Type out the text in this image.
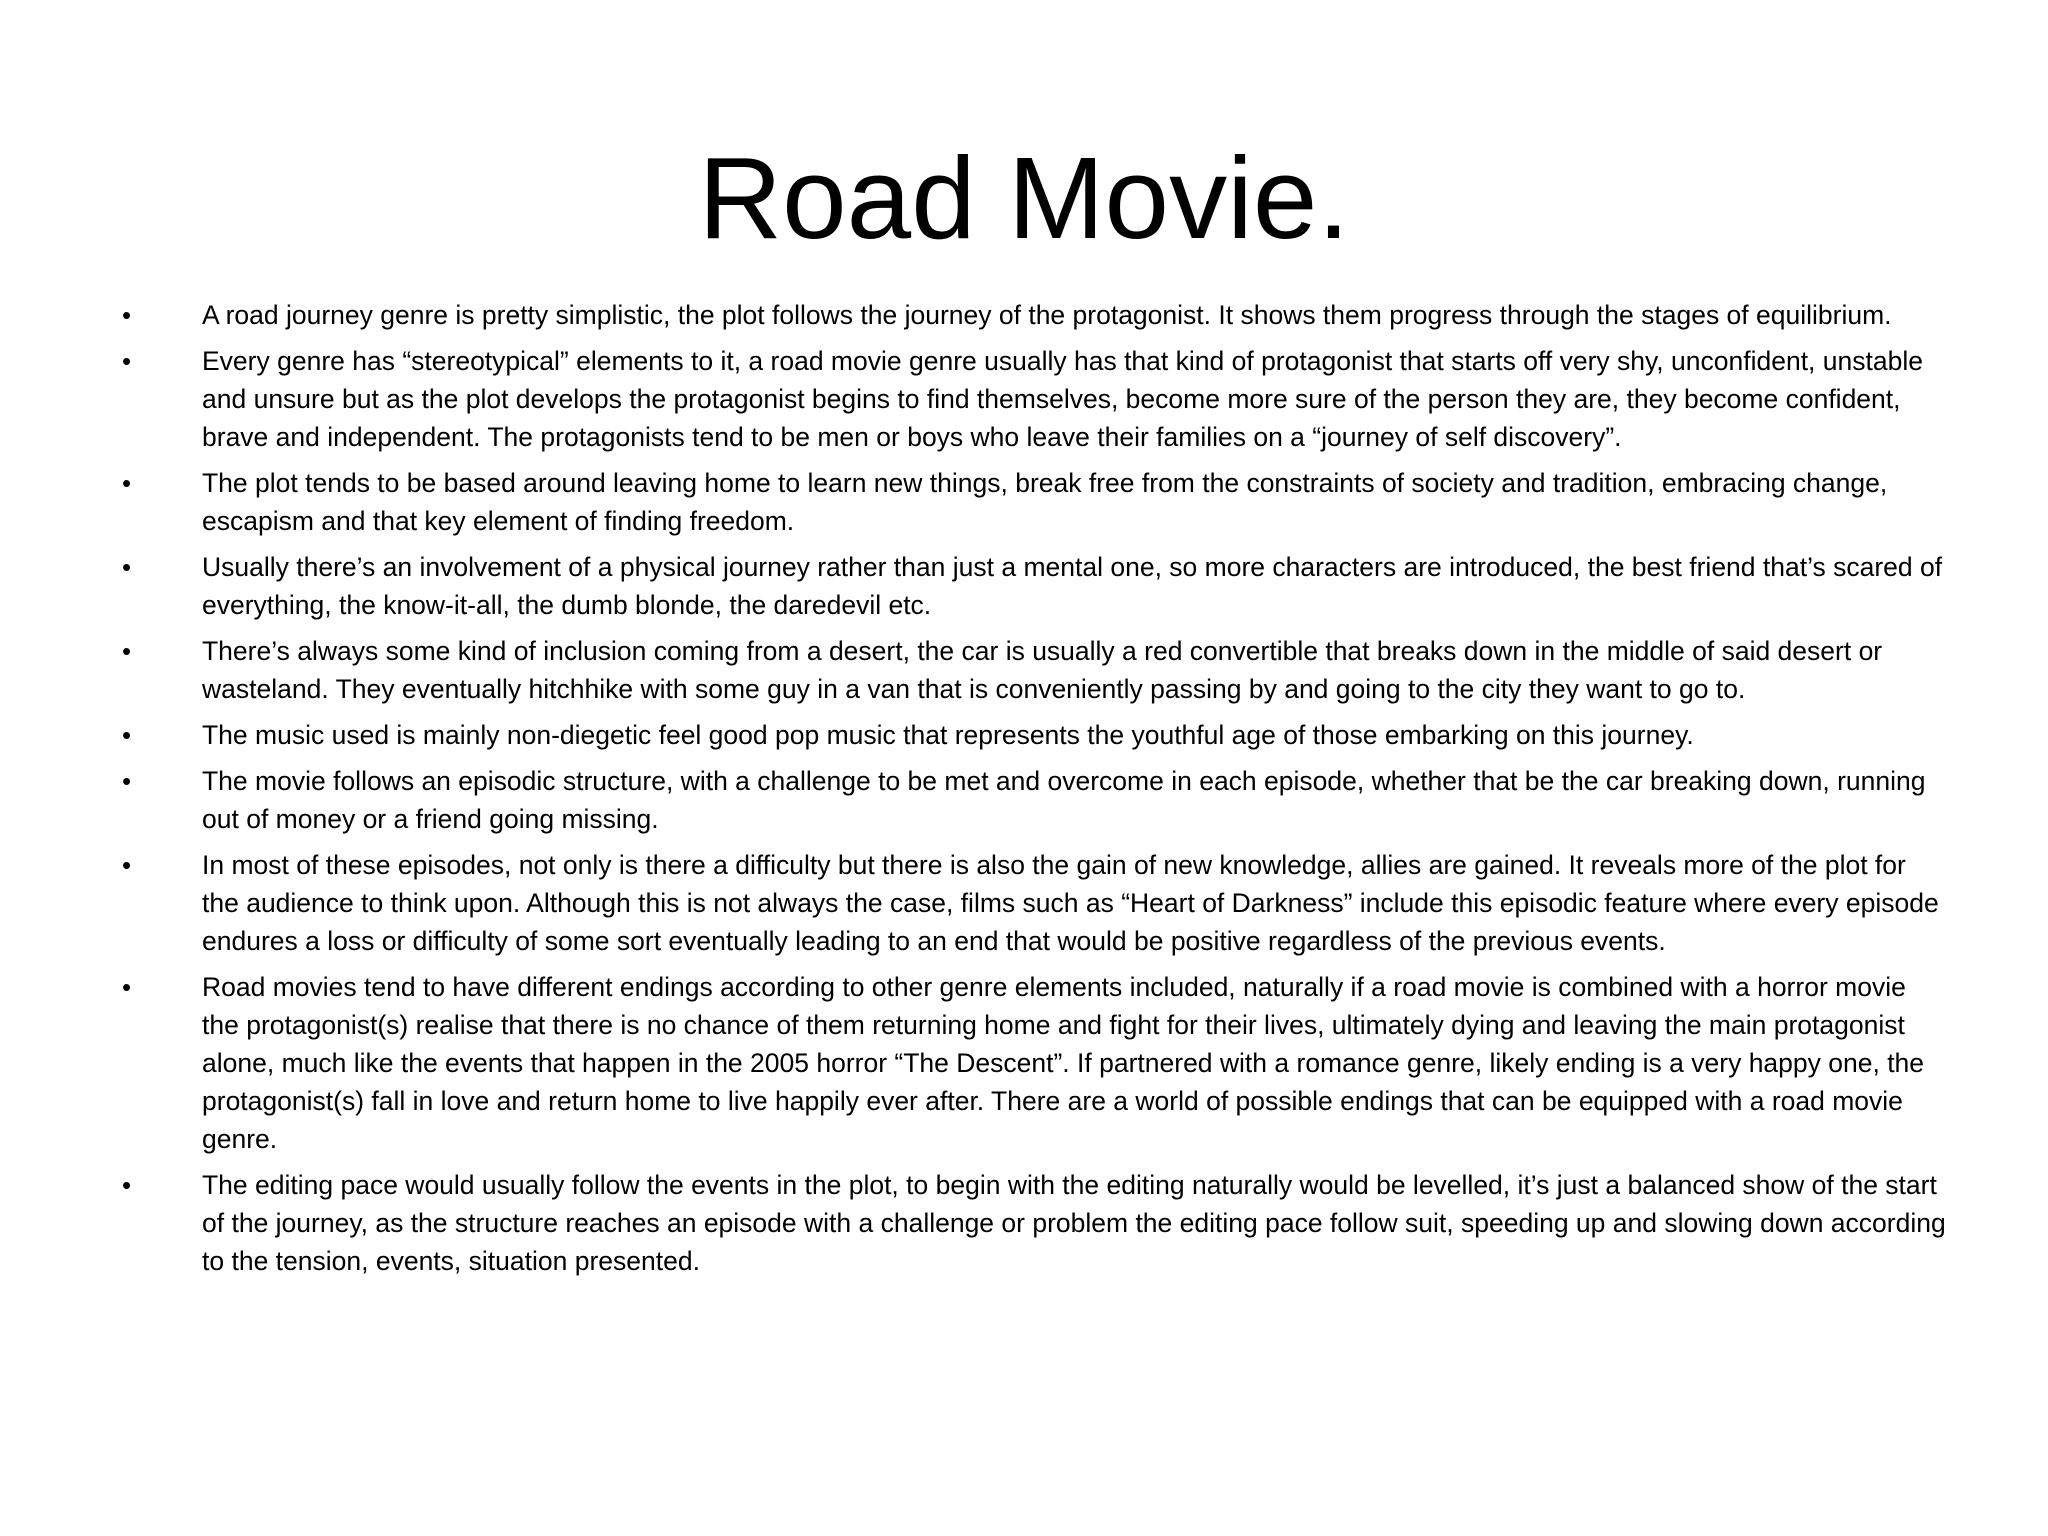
Road Movie.
•	A road journey genre is pretty simplistic, the plot follows the journey of the protagonist. It shows them progress through the stages of equilibrium.
•	Every genre has “stereotypical” elements to it, a road movie genre usually has that kind of protagonist that starts off very shy, unconfident, unstable and unsure but as the plot develops the protagonist begins to find themselves, become more sure of the person they are, they become confident, brave and independent. The protagonists tend to be men or boys who leave their families on a “journey of self discovery”.
•	The plot tends to be based around leaving home to learn new things, break free from the constraints of society and tradition, embracing change, escapism and that key element of finding freedom.
•	Usually there’s an involvement of a physical journey rather than just a mental one, so more characters are introduced, the best friend that’s scared of everything, the know-it-all, the dumb blonde, the daredevil etc.
•	There’s always some kind of inclusion coming from a desert, the car is usually a red convertible that breaks down in the middle of said desert or wasteland. They eventually hitchhike with some guy in a van that is conveniently passing by and going to the city they want to go to.
•	The music used is mainly non-diegetic feel good pop music that represents the youthful age of those embarking on this journey.
•	The movie follows an episodic structure, with a challenge to be met and overcome in each episode, whether that be the car breaking down, running out of money or a friend going missing.
•	In most of these episodes, not only is there a difficulty but there is also the gain of new knowledge, allies are gained. It reveals more of the plot for the audience to think upon. Although this is not always the case, films such as “Heart of Darkness” include this episodic feature where every episode endures a loss or difficulty of some sort eventually leading to an end that would be positive regardless of the previous events.
•	Road movies tend to have different endings according to other genre elements included, naturally if a road movie is combined with a horror movie the protagonist(s) realise that there is no chance of them returning home and fight for their lives, ultimately dying and leaving the main protagonist alone, much like the events that happen in the 2005 horror “The Descent”. If partnered with a romance genre, likely ending is a very happy one, the protagonist(s) fall in love and return home to live happily ever after. There are a world of possible endings that can be equipped with a road movie genre.
•	The editing pace would usually follow the events in the plot, to begin with the editing naturally would be levelled, it’s just a balanced show of the start of the journey, as the structure reaches an episode with a challenge or problem the editing pace follow suit, speeding up and slowing down according to the tension, events, situation presented.
